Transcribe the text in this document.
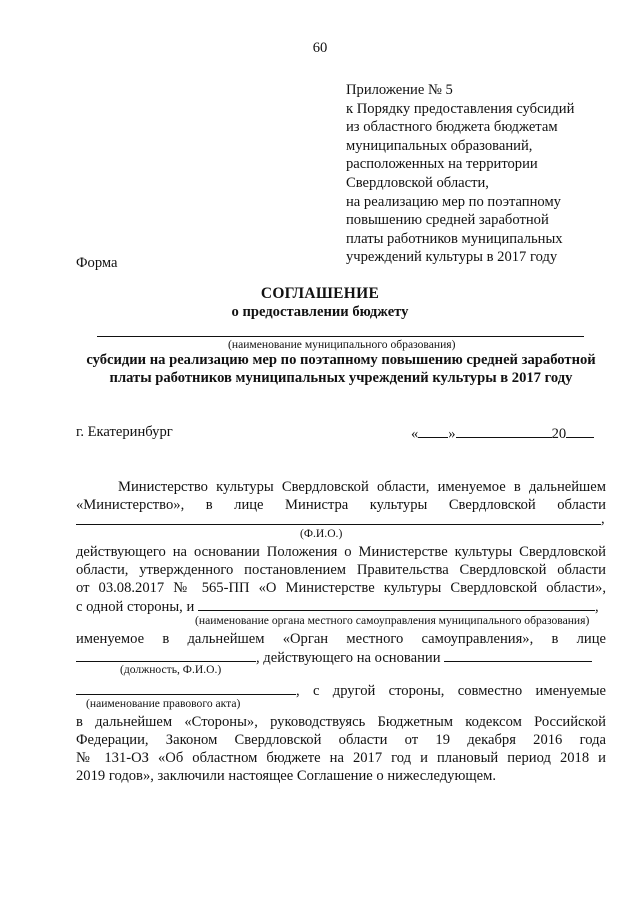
60
Приложение № 5
к Порядку предоставления субсидий
из областного бюджета бюджетам
муниципальных образований,
расположенных на территории
Свердловской области,
на реализацию мер по поэтапному
повышению средней заработной
платы работников муниципальных
учреждений культуры в 2017 году
Форма
СОГЛАШЕНИЕ
о предоставлении бюджету
(наименование муниципального образования)
субсидии на реализацию мер по поэтапному повышению средней заработной
платы работников муниципальных учреждений культуры в 2017 году
г. Екатеринбург	« »	20
Министерство культуры Свердловской области, именуемое в дальнейшем
«Министерство», в лице Министра культуры Свердловской области
,
(Ф.И.О.)
действующего на основании Положения о Министерстве культуры Свердловской
области, утвержденного постановлением Правительства Свердловской области
от 03.08.2017 № 565-ПП «О Министерстве культуры Свердловской области»,
с одной стороны, и	,
(наименование органа местного самоуправления муниципального образования)
именуемое в дальнейшем «Орган местного самоуправления», в лице
, действующего на основании
(должность, Ф.И.О.)
, с другой стороны, совместно именуемые
(наименование правового акта)
в дальнейшем «Стороны», руководствуясь Бюджетным кодексом Российской
Федерации, Законом Свердловской области от 19 декабря 2016 года
№ 131-ОЗ «Об областном бюджете на 2017 год и плановый период 2018 и
2019 годов», заключили настоящее Соглашение о нижеследующем.
